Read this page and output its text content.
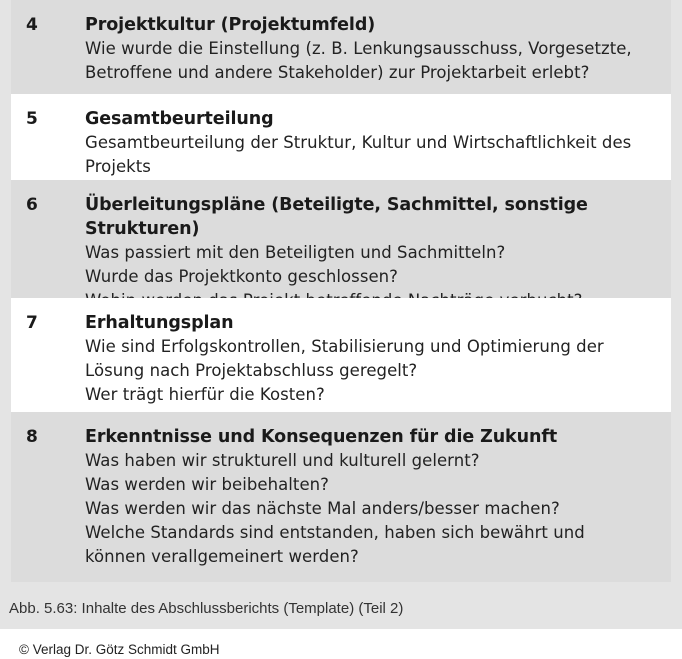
4	Projektkultur (Projektumfeld)
Wie wurde die Einstellung (z. B. Lenkungsausschuss, Vorgesetzte,
Betroffene und andere Stakeholder) zur Projektarbeit erlebt?
5	Gesamtbeurteilung
Gesamtbeurteilung der Struktur, Kultur und Wirtschaftlichkeit des
Projekts
6	Überleitungspläne (Beteiligte, Sachmittel, sonstige Strukturen)
Was passiert mit den Beteiligten und Sachmitteln?
Wurde das Projektkonto geschlossen?
7	Erhaltungsplan
Wie sind Erfolgskontrollen, Stabilisierung und Optimierung der
Lösung nach Projektabschluss geregelt?
Wer trägt hierfür die Kosten?
8	Erkenntnisse und Konsequenzen für die Zukunft
Was haben wir strukturell und kulturell gelernt?
Was werden wir beibehalten?
Was werden wir das nächste Mal anders/besser machen?
Welche Standards sind entstanden, haben sich bewährt und
können verallgemeinert werden?
Abb. 5.63: Inhalte des Abschlussberichts (Template) (Teil 2)
© Verlag Dr. Götz Schmidt GmbH
